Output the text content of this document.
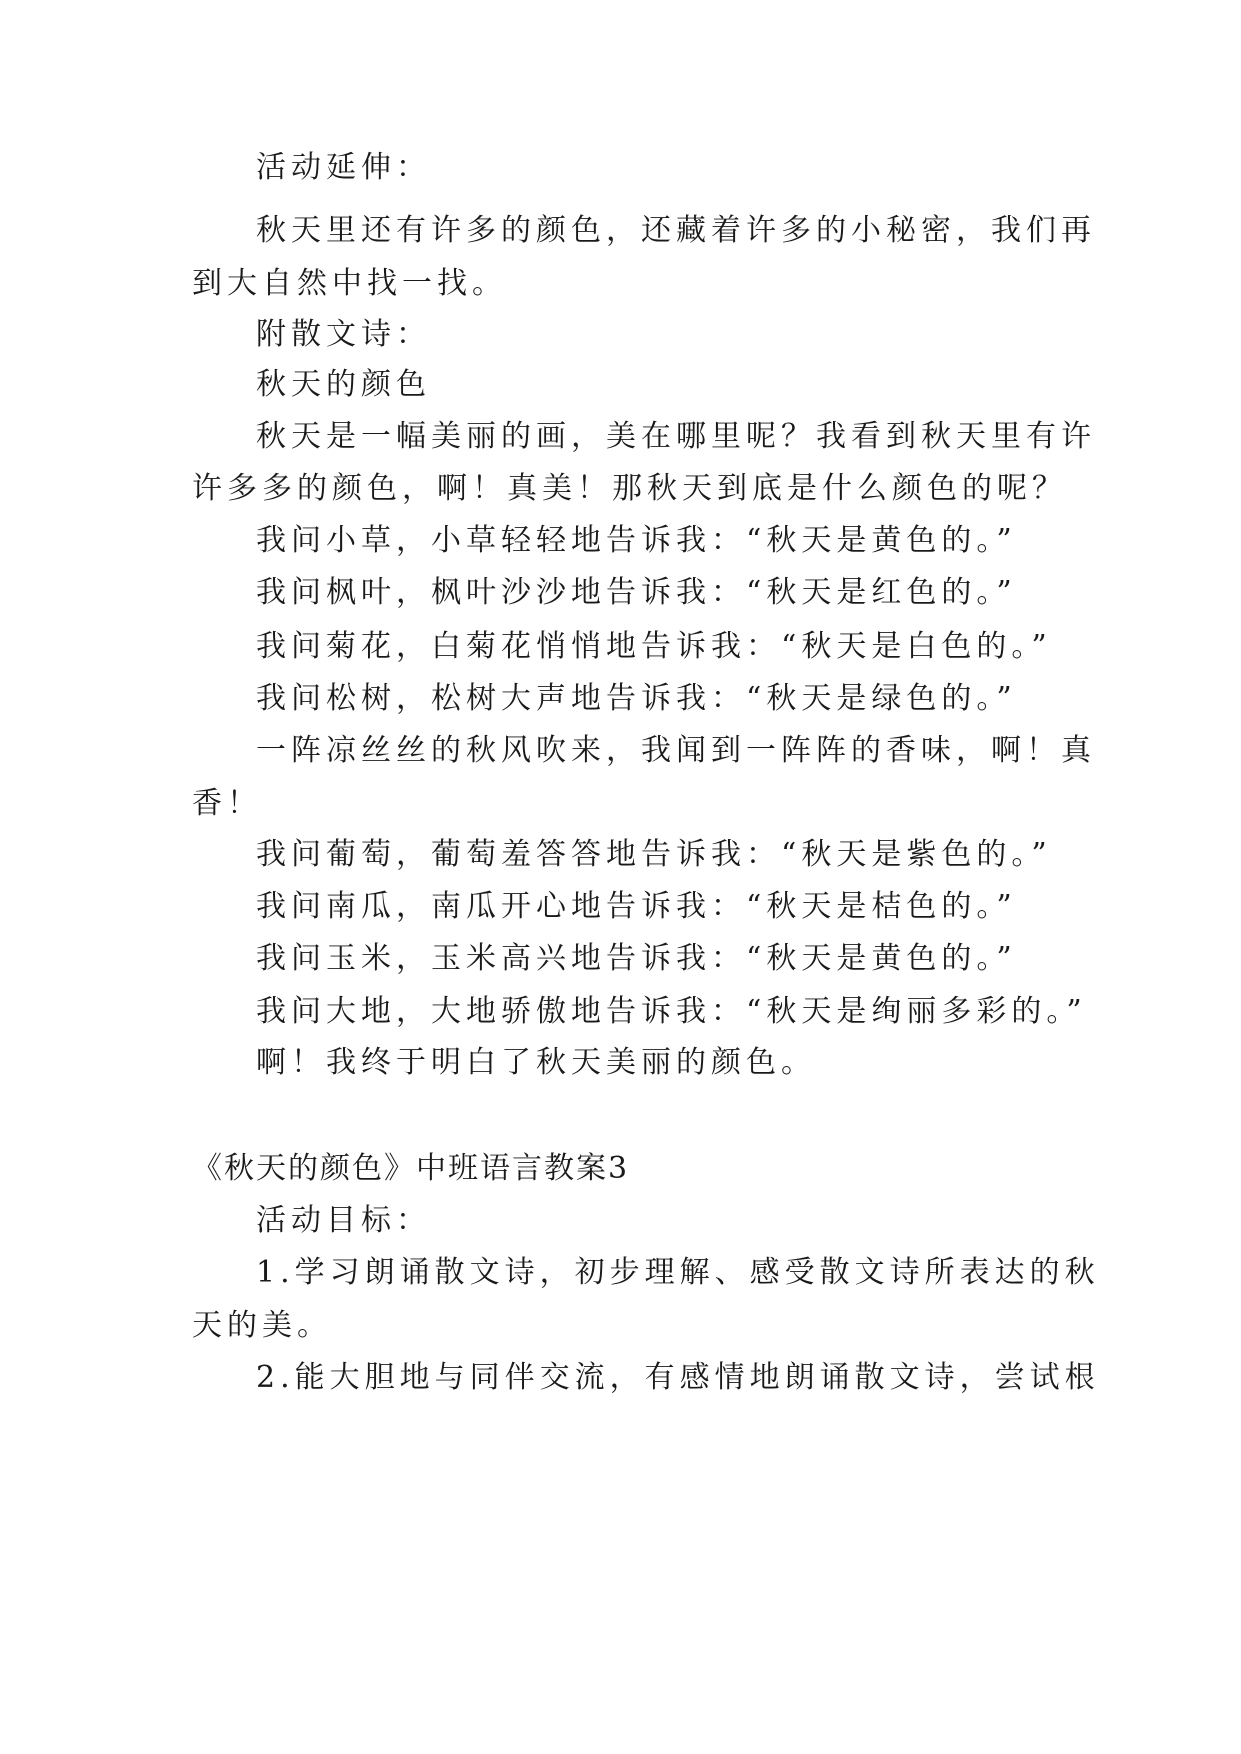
活动延伸：
秋天里还有许多的颜色，还藏着许多的小秘密，我们再
到大自然中找一找。
附散文诗：
秋天的颜色
秋天是一幅美丽的画，美在哪里呢？我看到秋天里有许
许多多的颜色，啊！真美！那秋天到底是什么颜色的呢？
我问小草，小草轻轻地告诉我：“秋天是黄色的。”
我问枫叶，枫叶沙沙地告诉我：“秋天是红色的。”
我问菊花，白菊花悄悄地告诉我：“秋天是白色的。”
我问松树，松树大声地告诉我：“秋天是绿色的。”
一阵凉丝丝的秋风吹来，我闻到一阵阵的香味，啊！真
香！
我问葡萄，葡萄羞答答地告诉我：“秋天是紫色的。”
我问南瓜，南瓜开心地告诉我：“秋天是桔色的。”
我问玉米，玉米高兴地告诉我：“秋天是黄色的。”
我问大地，大地骄傲地告诉我：“秋天是绚丽多彩的。”
啊！我终于明白了秋天美丽的颜色。
《秋天的颜色》中班语言教案3
活动目标：
1.学习朗诵散文诗，初步理解、感受散文诗所表达的秋
天的美。
2.能大胆地与同伴交流，有感情地朗诵散文诗，尝试根
